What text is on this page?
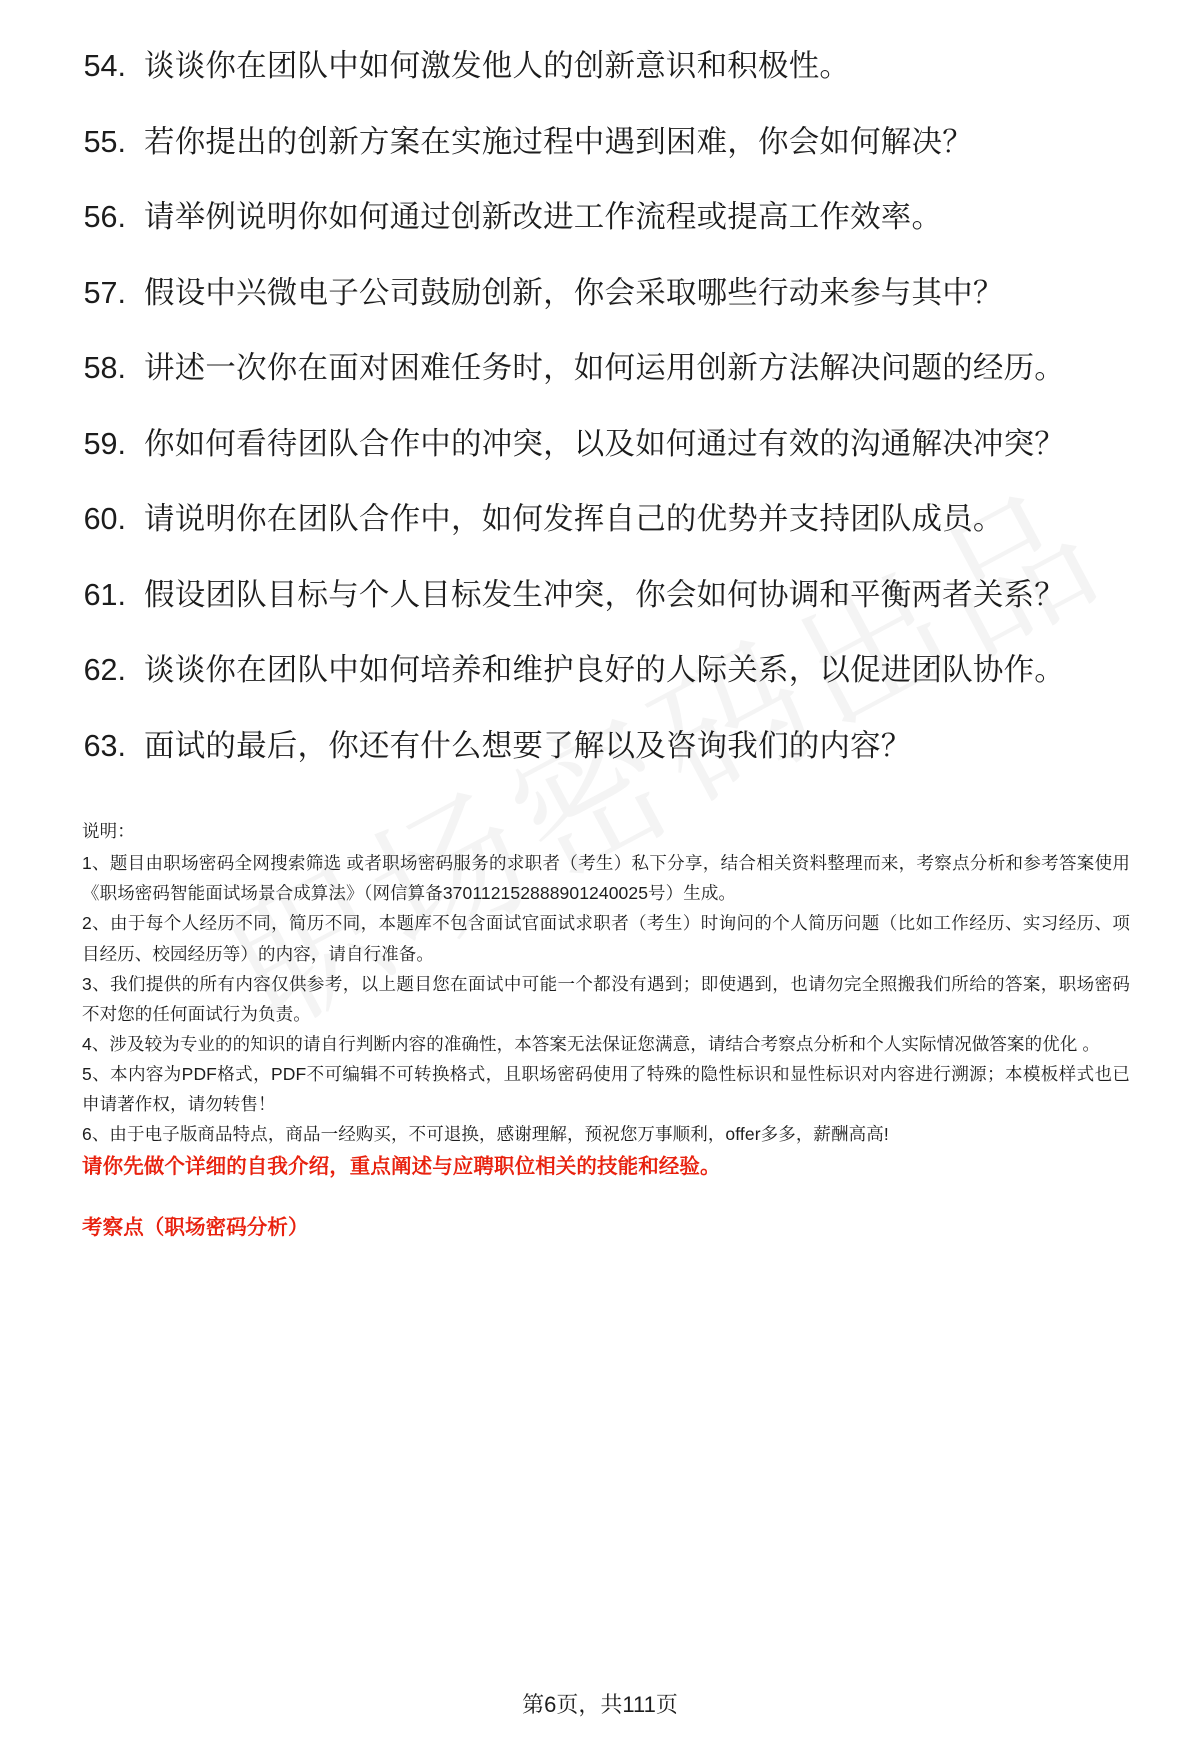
54. 谈谈你在团队中如何激发他人的创新意识和积极性。
55. 若你提出的创新方案在实施过程中遇到困难，你会如何解决？
56. 请举例说明你如何通过创新改进工作流程或提高工作效率。
57. 假设中兴微电子公司鼓励创新，你会采取哪些行动来参与其中？
58. 讲述一次你在面对困难任务时，如何运用创新方法解决问题的经历。
59. 你如何看待团队合作中的冲突，以及如何通过有效的沟通解决冲突？
60. 请说明你在团队合作中，如何发挥自己的优势并支持团队成员。
61. 假设团队目标与个人目标发生冲突，你会如何协调和平衡两者关系？
62. 谈谈你在团队中如何培养和维护良好的人际关系，以促进团队协作。
63. 面试的最后，你还有什么想要了解以及咨询我们的内容？

说明：

1、题目由职场密码全网搜索筛选 或者职场密码服务的求职者（考生）私下分享，结合相关资料整理而来，考察点分析和参考答案使用《职场密码智能面试场景合成算法》（网信算备370112152888901240025号）生成。

2、由于每个人经历不同，简历不同，本题库不包含面试官面试求职者（考生）时询问的个人简历问题（比如工作经历、实习经历、项目经历、校园经历等）的内容，请自行准备。

3、我们提供的所有内容仅供参考，以上题目您在面试中可能一个都没有遇到；即使遇到，也请勿完全照搬我们所给的答案，职场密码不对您的任何面试行为负责。

4、涉及较为专业的的知识的请自行判断内容的准确性，本答案无法保证您满意，请结合考察点分析和个人实际情况做答案的优化 。

5、本内容为PDF格式，PDF不可编辑不可转换格式，且职场密码使用了特殊的隐性标识和显性标识对内容进行溯源；本模板样式也已申请著作权，请勿转售！

6、由于电子版商品特点，商品一经购买，不可退换，感谢理解，预祝您万事顺利，offer多多，薪酬高高!

请你先做个详细的自我介绍，重点阐述与应聘职位相关的技能和经验。

考察点（职场密码分析）

第6页，共111页
